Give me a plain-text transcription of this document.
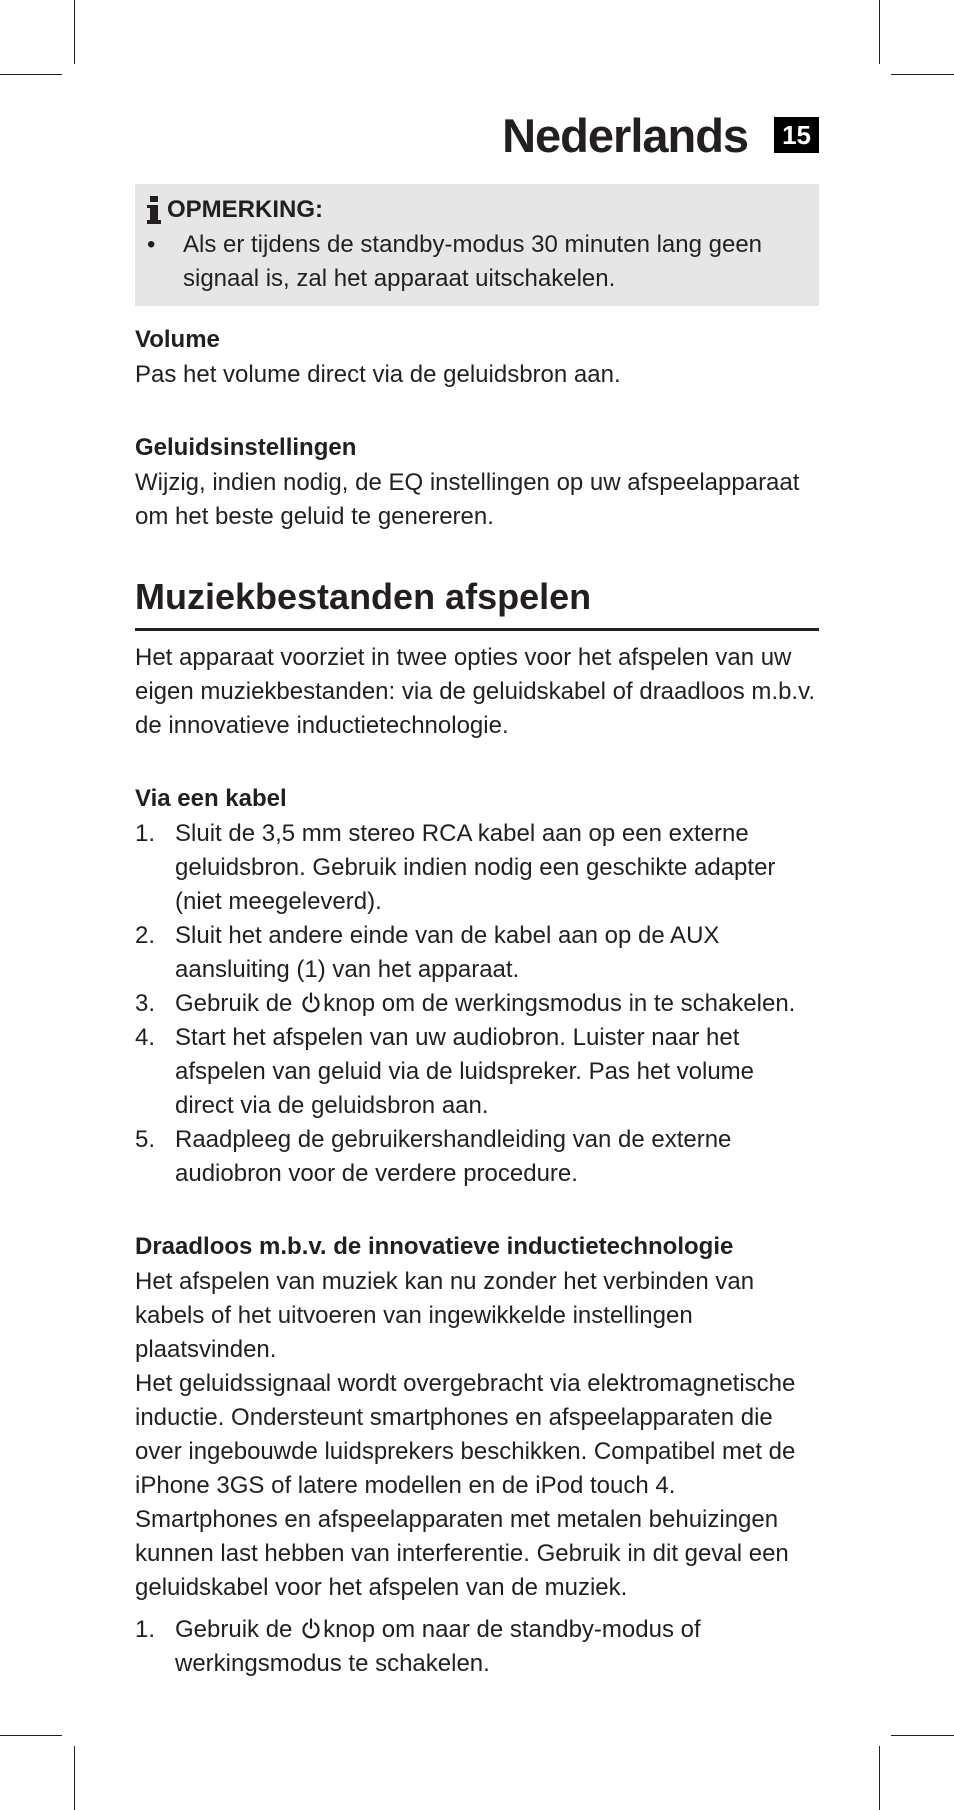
Nederlands	15
OPMERKING:
•	Als er tijdens de standby-modus 30 minuten lang geen signaal is, zal het apparaat uitschakelen.
Volume

Pas het volume direct via de geluidsbron aan.

Geluidsinstellingen

Wijzig, indien nodig, de EQ instellingen op uw afspeelapparaat om het beste geluid te genereren.

Muziekbestanden afspelen

Het apparaat voorziet in twee opties voor het afspelen van uw eigen muziekbestanden: via de geluidskabel of draadloos m.b.v. de innovatieve inductietechnologie.

Via een kabel
1. Sluit de 3,5 mm stereo RCA kabel aan op een externe geluidsbron. Gebruik indien nodig een geschikte adapter (niet meegeleverd).
2. Sluit het andere einde van de kabel aan op de AUX aansluiting (1) van het apparaat.
3. Gebruik de knop om de werkingsmodus in te schakelen.
4. Start het afspelen van uw audiobron. Luister naar het afspelen van geluid via de luidspreker. Pas het volume direct via de geluidsbron aan.
5. Raadpleeg de gebruikershandleiding van de externe audiobron voor de verdere procedure.
Draadloos m.b.v. de innovatieve inductietechnologie

Het afspelen van muziek kan nu zonder het verbinden van kabels of het uitvoeren van ingewikkelde instellingen plaatsvinden.

Het geluidssignaal wordt overgebracht via elektromagnetische inductie. Ondersteunt smartphones en afspeelapparaten die over ingebouwde luidsprekers beschikken. Compatibel met de iPhone 3GS of latere modellen en de iPod touch 4. Smartphones en afspeelapparaten met metalen behuizingen kunnen last hebben van interferentie. Gebruik in dit geval een geluidskabel voor het afspelen van de muziek.

1. Gebruik de knop om naar de standby-modus of werkingsmodus te schakelen.
